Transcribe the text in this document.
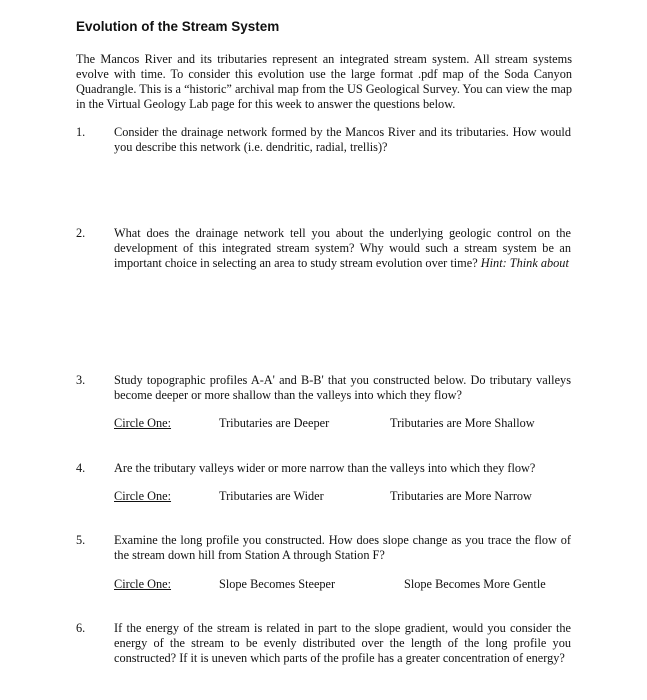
Evolution of the Stream System
The Mancos River and its tributaries represent an integrated stream system. All stream systems evolve with time. To consider this evolution use the large format .pdf map of the Soda Canyon Quadrangle. This is a “historic” archival map from the US Geological Survey. You can view the map in the Virtual Geology Lab page for this week to answer the questions below.
1. Consider the drainage network formed by the Mancos River and its tributaries. How would you describe this network (i.e. dendritic, radial, trellis)?
2. What does the drainage network tell you about the underlying geologic control on the development of this integrated stream system? Why would such a stream system be an important choice in selecting an area to study stream evolution over time? Hint: Think about
3. Study topographic profiles A-A' and B-B' that you constructed below. Do tributary valleys become deeper or more shallow than the valleys into which they flow?
Circle One:	Tributaries are Deeper	Tributaries are More Shallow
4. Are the tributary valleys wider or more narrow than the valleys into which they flow?
Circle One:	Tributaries are Wider	Tributaries are More Narrow
5. Examine the long profile you constructed. How does slope change as you trace the flow of the stream down hill from Station A through Station F?
Circle One:	Slope Becomes Steeper	Slope Becomes More Gentle
6. If the energy of the stream is related in part to the slope gradient, would you consider the energy of the stream to be evenly distributed over the length of the long profile you constructed? If it is uneven which parts of the profile has a greater concentration of energy?
